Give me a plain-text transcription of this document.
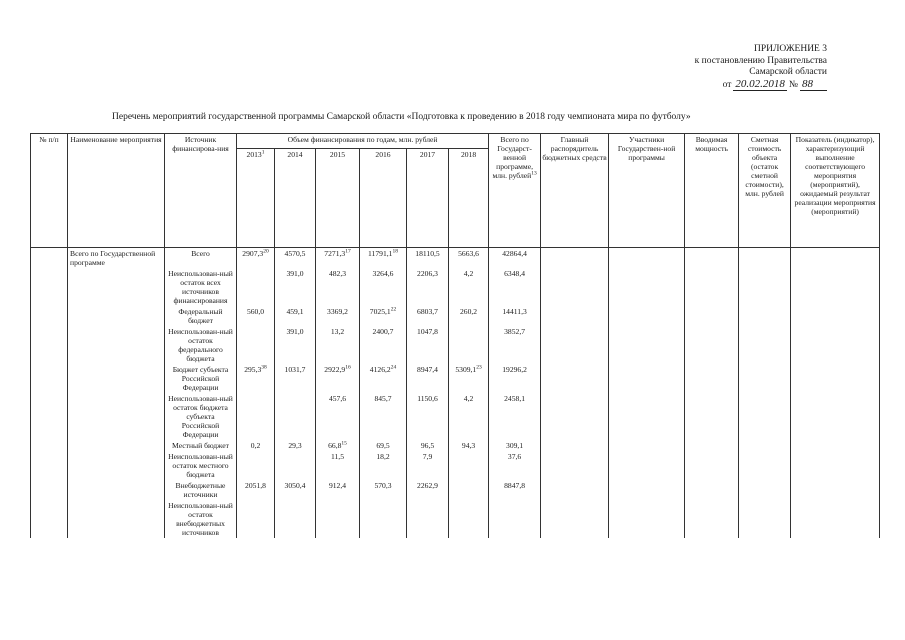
ПРИЛОЖЕНИЕ 3
к постановлению Правительства
Самарской области
от 20.02.2018 № 88
Перечень мероприятий государственной программы Самарской области «Подготовка к проведению в 2018 году чемпионата мира по футболу»
№ п/п	Наименование мероприятия	Источник финансирова-ния	Объем финансирования по годам, млн. рублей						Всего по Государст-венной программе, млн. рублей$^{13}$	Главный распорядитель бюджетных средств	Участники Государствен-ной программы	Вводимая мощность	Сметная стоимость объекта (остаток сметной стоимости), млн. рублей	Показатель (индикатор), характеризующий выполнение соответствующего мероприятия (мероприятий), ожидаемый результат реализации мероприятия (мероприятий)
			2013$^1$	2014	2015	2016	2017	2018						
	Всего по Государственной программе	Всего	2907,3$^{20}$	4570,5	7271,3$^{17}$	11791,1$^{18}$	18110,5	5663,6	42864,4					
		Неиспользован-ный остаток всех источников финансирования		391,0	482,3	3264,6	2206,3	4,2	6348,4					
		Федеральный бюджет	560,0	459,1	3369,2	7025,1$^{22}$	6803,7	260,2	14411,3					
		Неиспользован-ный остаток федерального бюджета		391,0	13,2	2400,7	1047,8		3852,7					
		Бюджет субъекта Российской Федерации	295,3$^{38}$	1031,7	2922,9$^{16}$	4126,2$^{24}$	8947,4	5309,1$^{23}$	19296,2					
		Неиспользован-ный остаток бюджета субъекта Российской Федерации			457,6	845,7	1150,6	4,2	2458,1					
		Местный бюджет	0,2	29,3	66,8$^{15}$	69,5	96,5	94,3	309,1					
		Неиспользован-ный остаток местного бюджета			11,5	18,2	7,9		37,6					
		Внебюджетные источники	2051,8	3050,4	912,4	570,3	2262,9		8847,8					
		Неиспользован-ный остаток внебюджетных источников												
